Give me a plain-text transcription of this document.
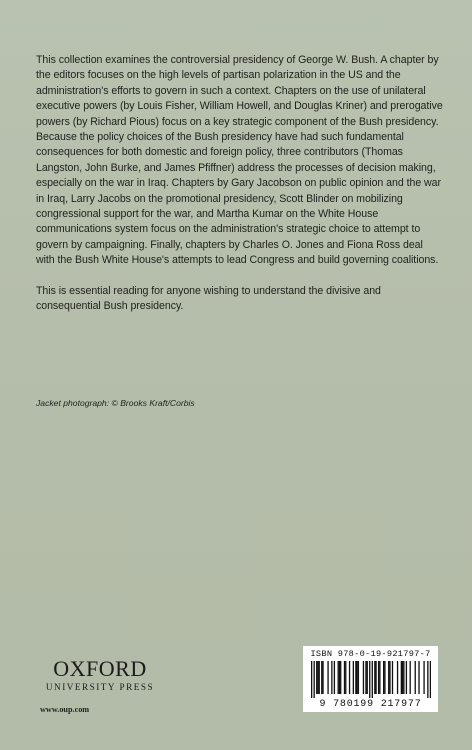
This collection examines the controversial presidency of George W. Bush. A chapter by the editors focuses on the high levels of partisan polarization in the US and the administration's efforts to govern in such a context. Chapters on the use of unilateral executive powers (by Louis Fisher, William Howell, and Douglas Kriner) and prerogative powers (by Richard Pious) focus on a key strategic component of the Bush presidency. Because the policy choices of the Bush presidency have had such fundamental consequences for both domestic and foreign policy, three contributors (Thomas Langston, John Burke, and James Pfiffner) address the processes of decision making, especially on the war in Iraq. Chapters by Gary Jacobson on public opinion and the war in Iraq, Larry Jacobs on the promotional presidency, Scott Blinder on mobilizing congressional support for the war, and Martha Kumar on the White House communications system focus on the administration's strategic choice to attempt to govern by campaigning. Finally, chapters by Charles O. Jones and Fiona Ross deal with the Bush White House's attempts to lead Congress and build governing coalitions.

This is essential reading for anyone wishing to understand the divisive and consequential Bush presidency.

Jacket photograph: © Brooks Kraft/Corbis
OXFORD
UNIVERSITY PRESS
www.oup.com
ISBN 978-0-19-921797-7
9 780199 217977
